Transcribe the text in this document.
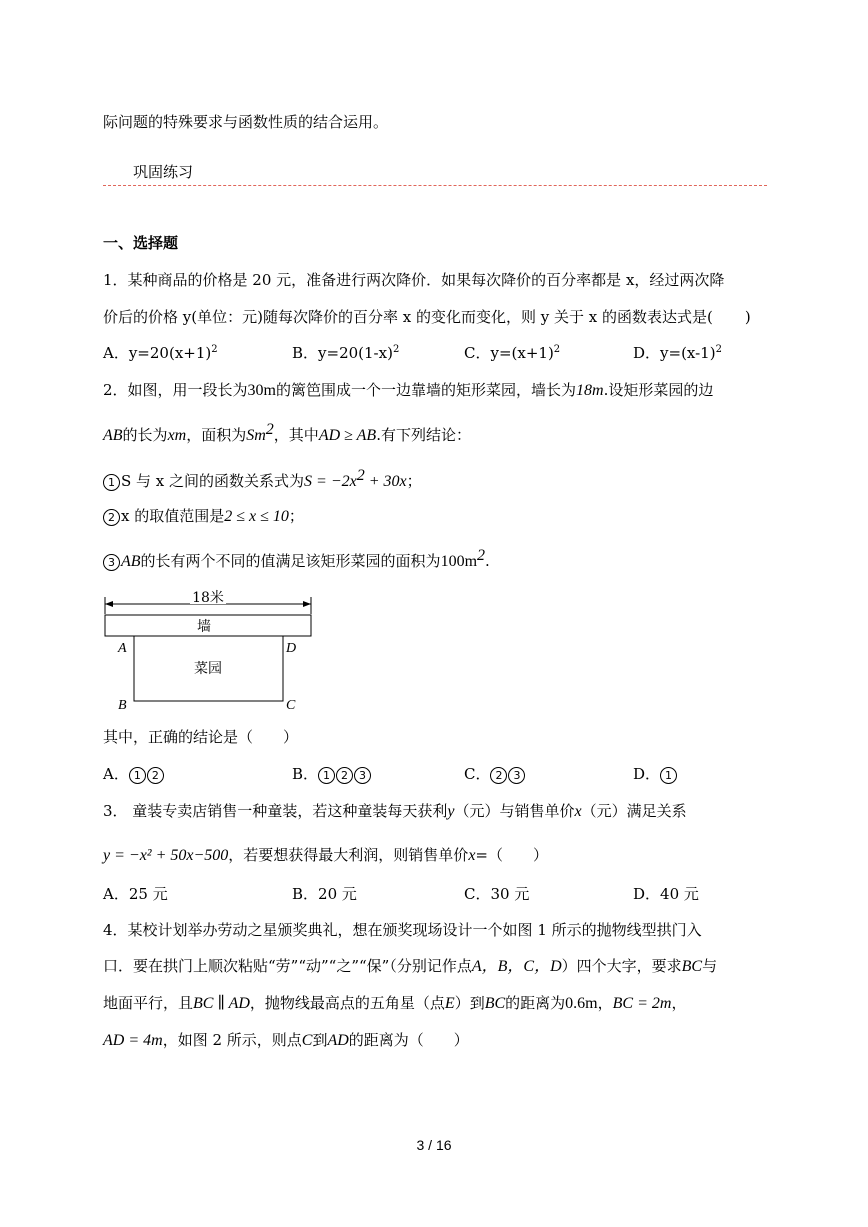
际问题的特殊要求与函数性质的结合运用。
巩固练习
一、选择题
1．某种商品的价格是 20 元，准备进行两次降价．如果每次降价的百分率都是 x，经过两次降
价后的价格 y(单位：元)随每次降价的百分率 x 的变化而变化，则 y 关于 x 的函数表达式是( )
A．$y=20(x+1)^2$	B．$y=20(1-x)^2$	C．$y=(x+1)^2$	D．$y=(x-1)^2$
2．如图，用一段长为30m的篱笆围成一个一边靠墙的矩形菜园，墙长为18m.设矩形菜园的边
AB的长为xm，面积为Sm$^2$，其中AD ≥ AB.有下列结论：
1 S 与 x 之间的函数关系式为$S = -2x^2 + 30x$；
2 x 的取值范围是2 ≤ x ≤ 10；
3 AB的长有两个不同的值满足该矩形菜园的面积为$100m^2$.
18米
墙
菜园
A	D
B	C
其中，正确的结论是（　　）
A． 1 2	B． 1 2 3	C． 2 3	D． 1
3． 童装专卖店销售一种童装，若这种童装每天获利y（元）与销售单价x（元）满足关系
y = −x² + 50x−500，若要想获得最大利润，则销售单价x=（　　）
A．25 元	B．20 元	C．30 元	D．40 元
4．某校计划举办劳动之星颁奖典礼，想在颁奖现场设计一个如图 1 所示的抛物线型拱门入
口．要在拱门上顺次粘贴“劳”“动”“之”“保”（分别记作点A，B，C，D）四个大字，要求BC与
地面平行，且BC ∥ AD，抛物线最高点的五角星（点E）到BC的距离为0.6m，BC = 2m，
AD = 4m，如图 2 所示，则点C到AD的距离为（　　）
3 / 16
